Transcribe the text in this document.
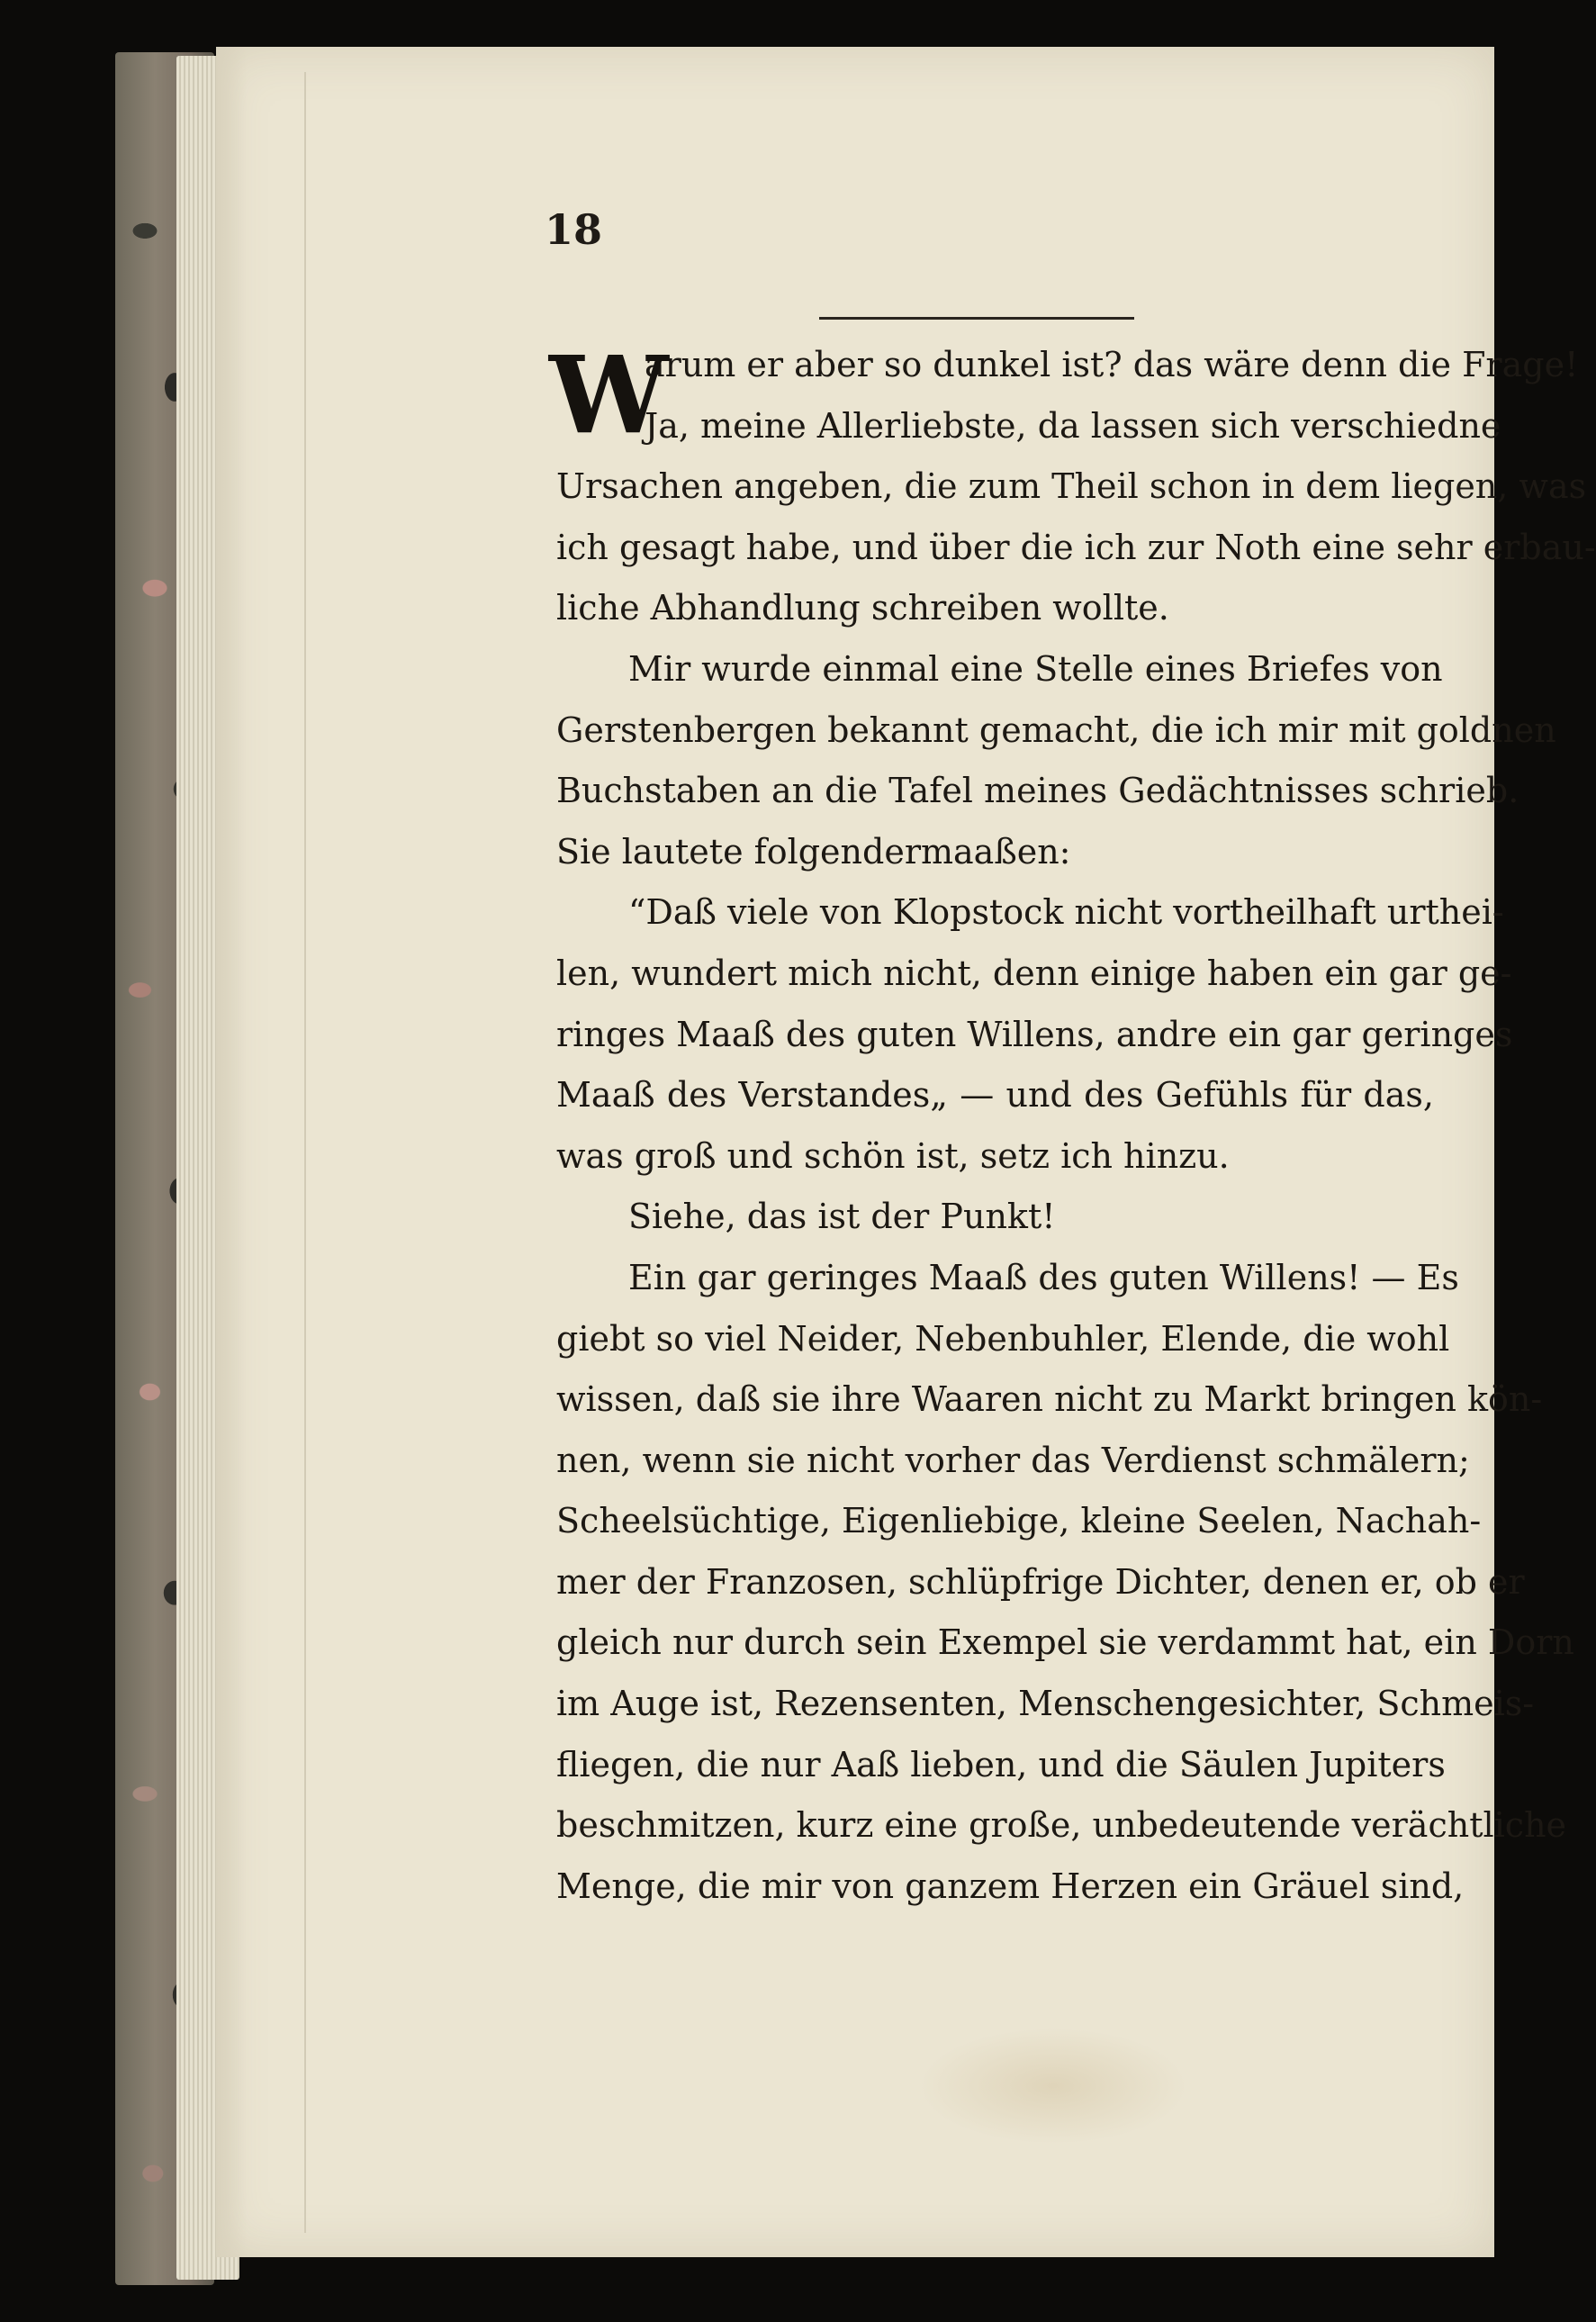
18
W
arum er aber so dunkel ist? das wäre denn die Frage!
Ja, meine Allerliebste, da lassen sich verschiedne
Ursachen angeben, die zum Theil schon in dem liegen, was
ich gesagt habe, und über die ich zur Noth eine sehr erbau-
liche Abhandlung schreiben wollte.
Mir wurde einmal eine Stelle eines Briefes von
Gerstenbergen bekannt gemacht, die ich mir mit goldnen
Buchstaben an die Tafel meines Gedächtnisses schrieb.
Sie lautete folgendermaaßen:
“Daß viele von Klopstock nicht vortheilhaft urthei-
len, wundert mich nicht, denn einige haben ein gar ge-
ringes Maaß des guten Willens, andre ein gar geringes
Maaß des Verstandes„ — und des Gefühls für das,
was groß und schön ist, setz ich hinzu.
Siehe, das ist der Punkt!
Ein gar geringes Maaß des guten Willens! — Es
giebt so viel Neider, Nebenbuhler, Elende, die wohl
wissen, daß sie ihre Waaren nicht zu Markt bringen kön-
nen, wenn sie nicht vorher das Verdienst schmälern;
Scheelsüchtige, Eigenliebige, kleine Seelen, Nachah-
mer der Franzosen, schlüpfrige Dichter, denen er, ob er
gleich nur durch sein Exempel sie verdammt hat, ein Dorn
im Auge ist, Rezensenten, Menschengesichter, Schmeis-
fliegen, die nur Aaß lieben, und die Säulen Jupiters
beschmitzen, kurz eine große, unbedeutende verächtliche
Menge, die mir von ganzem Herzen ein Gräuel sind,
